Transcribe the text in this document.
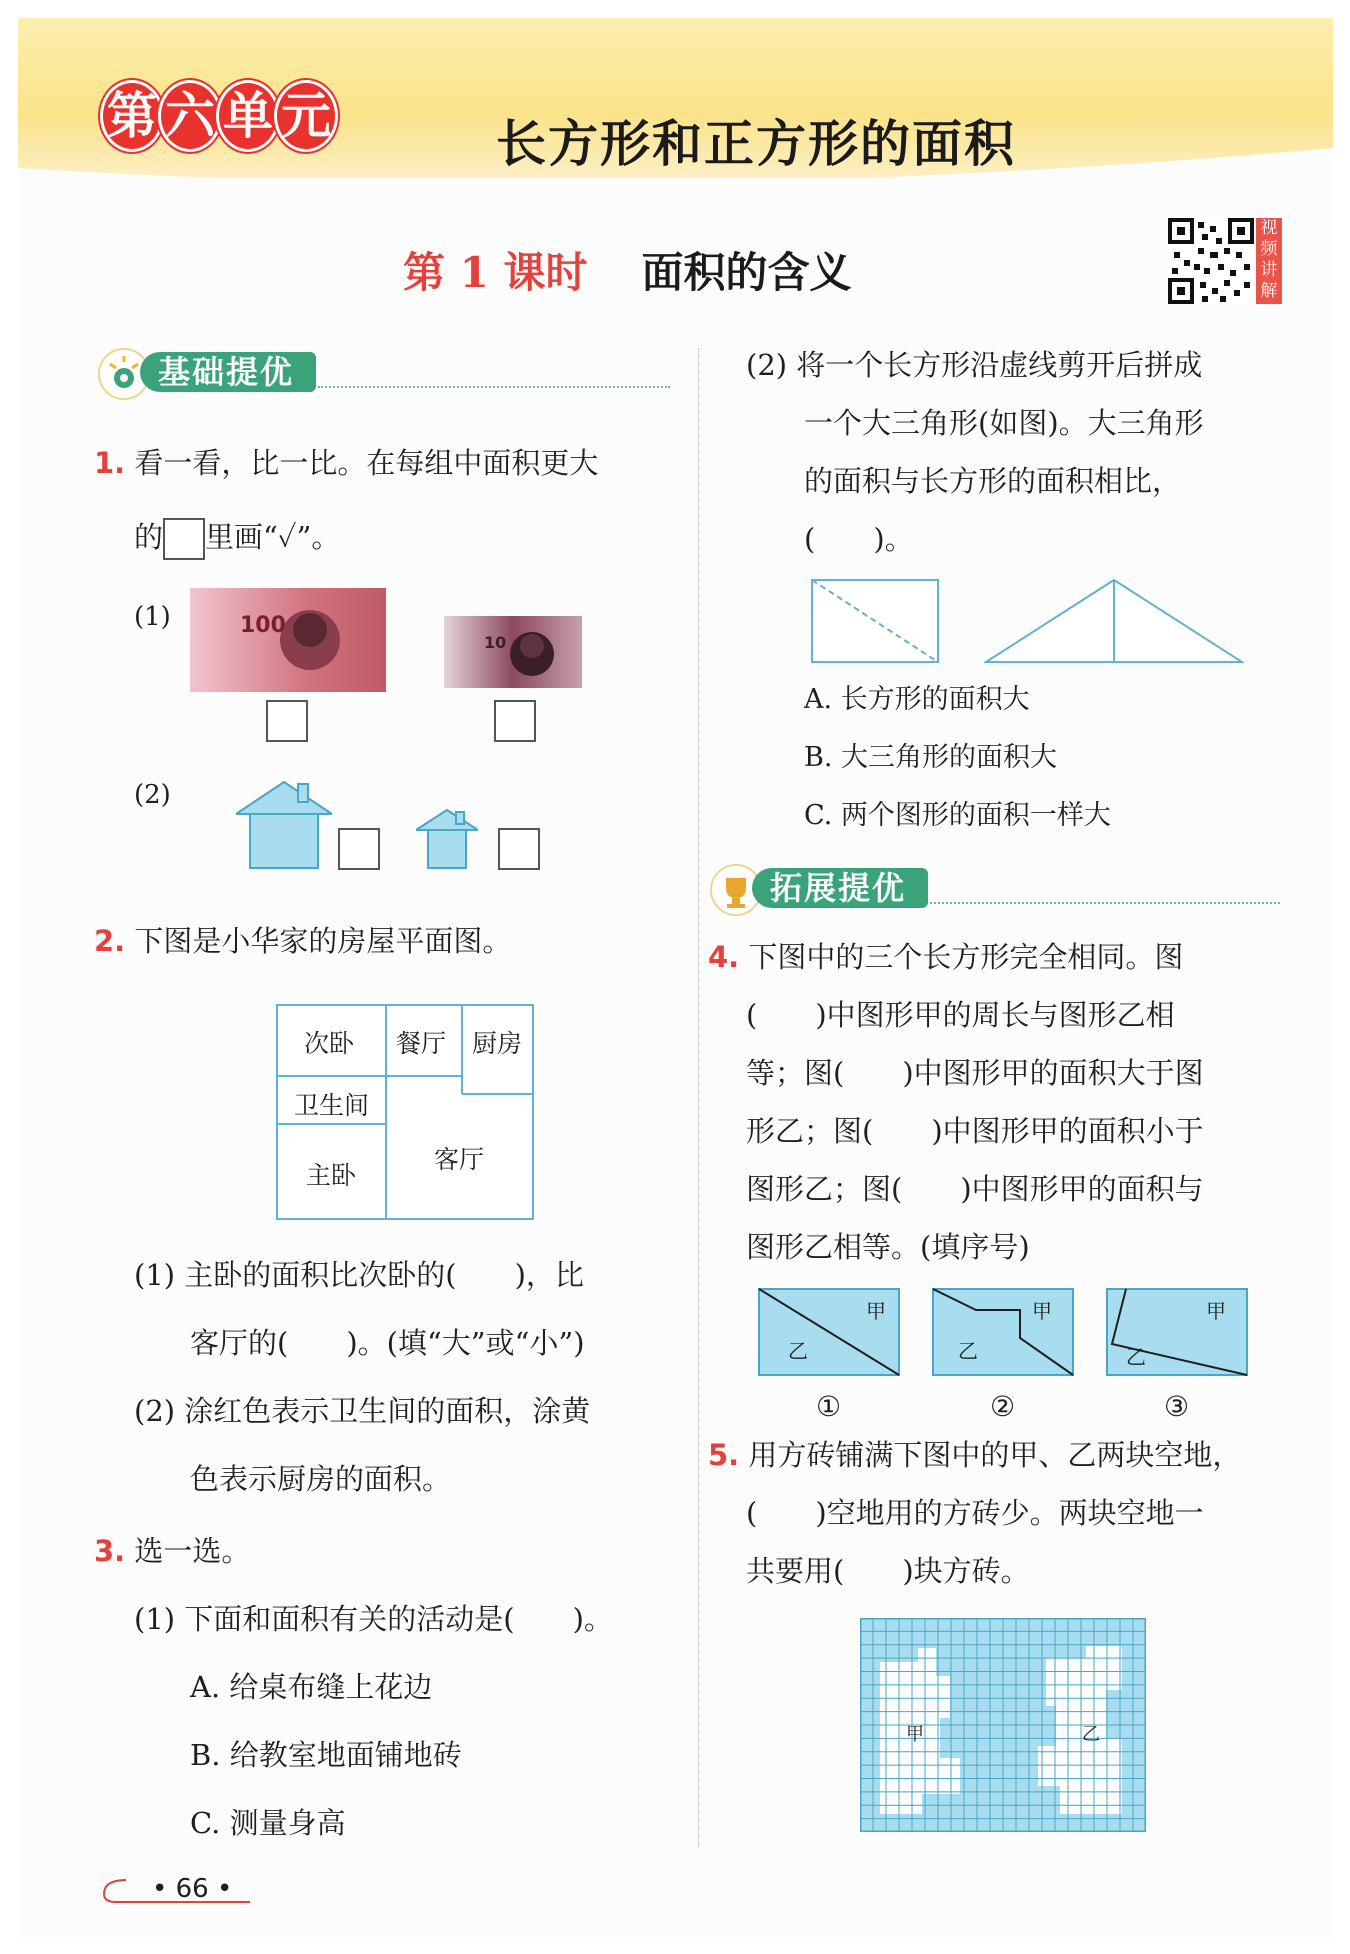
第 六 单 元	长方形和正方形的面积
第 1 课时 面积的含义
视
频
讲
解
基础提优
1. 看一看，比一比。在每组中面积更大
的 里画“✓”。
(1)	100
10
(2)
2. 下图是小华家的房屋平面图。
次卧 餐厅 厨房
卫生间
主卧
客厅
(1) 主卧的面积比次卧的(　　)，比
客厅的(　　)。(填“大”或“小”)
(2) 涂红色表示卫生间的面积，涂黄
色表示厨房的面积。
3. 选一选。
(1) 下面和面积有关的活动是(　　)。
A. 给桌布缝上花边
B. 给教室地面铺地砖
C. 测量身高
(2) 将一个长方形沿虚线剪开后拼成
一个大三角形(如图)。大三角形
的面积与长方形的面积相比，
(　　)。
A. 长方形的面积大
B. 大三角形的面积大
C. 两个图形的面积一样大
拓展提优
4. 下图中的三个长方形完全相同。图
(　　)中图形甲的周长与图形乙相
等；图(　　)中图形甲的面积大于图
形乙；图(　　)中图形甲的面积小于
图形乙；图(　　)中图形甲的面积与
图形乙相等。(填序号)
甲
乙
甲
乙
甲
乙
①	②	③
5. 用方砖铺满下图中的甲、乙两块空地，
(　　)空地用的方砖少。两块空地一
共要用(　　)块方砖。
甲	乙
• 66 •
